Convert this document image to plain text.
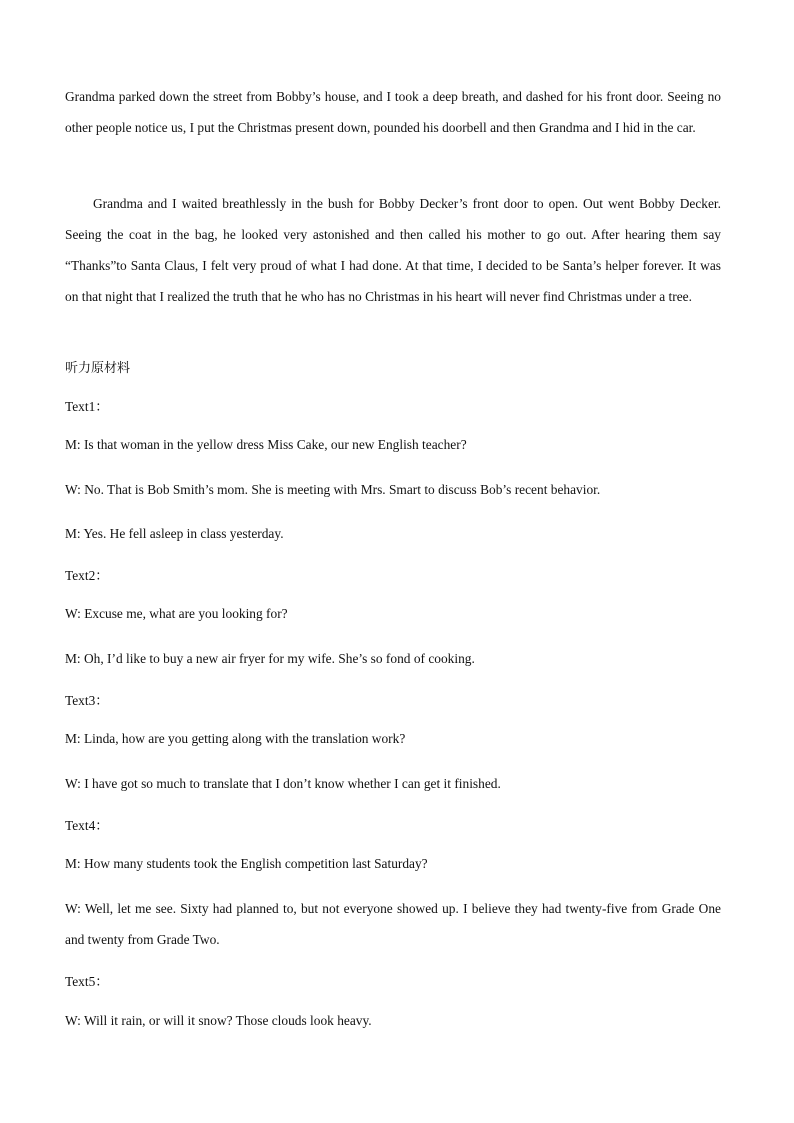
Grandma parked down the street from Bobby’s house, and I took a deep breath, and dashed for his front door. Seeing no other people notice us, I put the Christmas present down, pounded his doorbell and then Grandma and I hid in the car.

Grandma and I waited breathlessly in the bush for Bobby Decker’s front door to open. Out went Bobby Decker. Seeing the coat in the bag, he looked very astonished and then called his mother to go out. After hearing them say “Thanks”to Santa Claus, I felt very proud of what I had done. At that time, I decided to be Santa’s helper forever. It was on that night that I realized the truth that he who has no Christmas in his heart will never find Christmas under a tree.

听力原材料

Text1：

M: Is that woman in the yellow dress Miss Cake, our new English teacher?

W: No. That is Bob Smith’s mom. She is meeting with Mrs. Smart to discuss Bob’s recent behavior.

M: Yes. He fell asleep in class yesterday.

Text2：

W: Excuse me, what are you looking for?

M: Oh, I’d like to buy a new air fryer for my wife. She’s so fond of cooking.

Text3：

M: Linda, how are you getting along with the translation work?

W: I have got so much to translate that I don’t know whether I can get it finished.

Text4：

M: How many students took the English competition last Saturday?

W: Well, let me see. Sixty had planned to, but not everyone showed up. I believe they had twenty-five from Grade One and twenty from Grade Two.

Text5：

W: Will it rain, or will it snow? Those clouds look heavy.
